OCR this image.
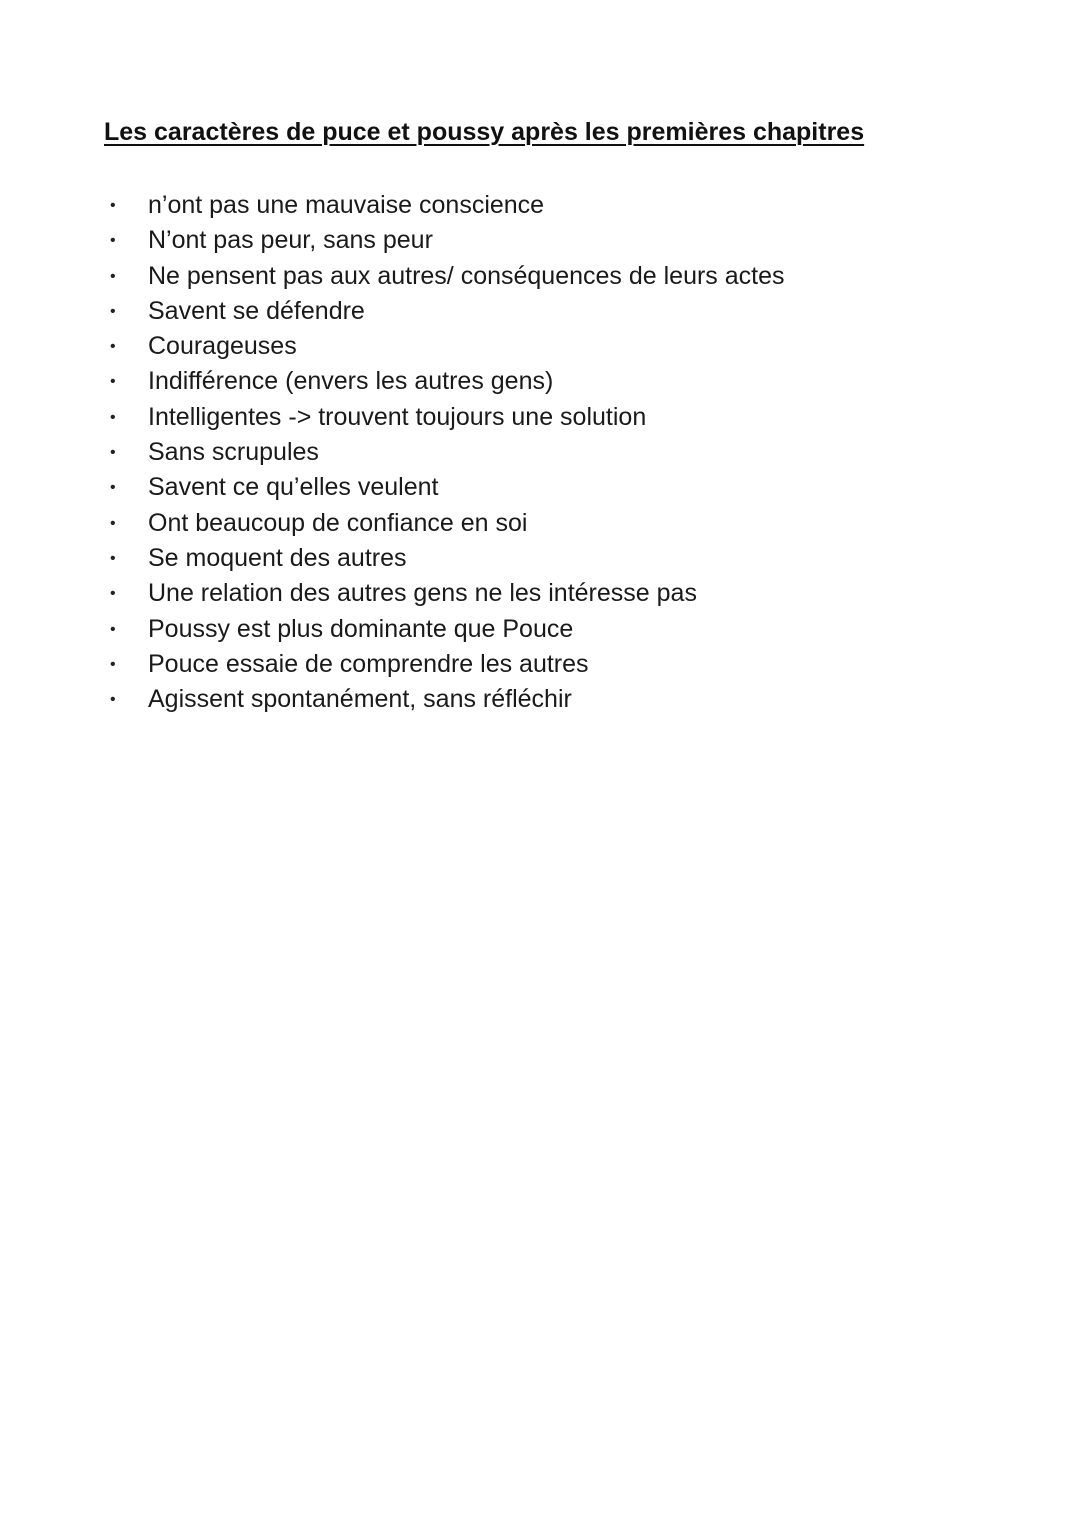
Les caractères de puce et poussy après les premières chapitres
• n’ont pas une mauvaise conscience
• N’ont pas peur, sans peur
• Ne pensent pas aux autres/ conséquences de leurs actes
• Savent se défendre
• Courageuses
• Indifférence (envers les autres gens)
• Intelligentes -> trouvent toujours une solution
• Sans scrupules
• Savent ce qu’elles veulent
• Ont beaucoup de confiance en soi
• Se moquent des autres
• Une relation des autres gens ne les intéresse pas
• Poussy est plus dominante que Pouce
• Pouce essaie de comprendre les autres
• Agissent spontanément, sans réfléchir
